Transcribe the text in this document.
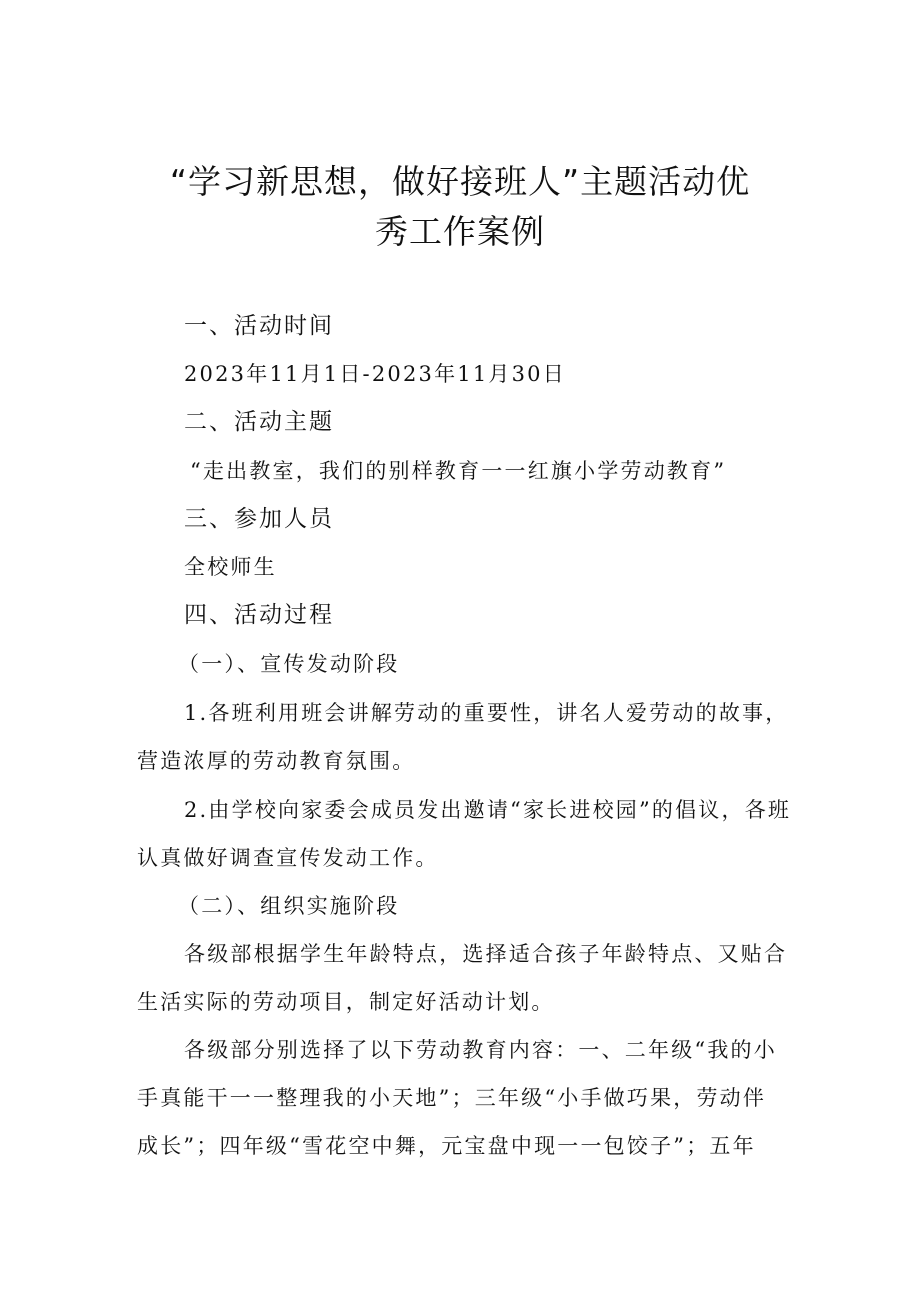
“学习新思想，做好接班人”主题活动优
秀工作案例
一、活动时间
2023年11月1日-2023年11月30日
二、活动主题
“走出教室，我们的别样教育一一红旗小学劳动教育”
三、参加人员
全校师生
四、活动过程
（一）、宣传发动阶段
1.各班利用班会讲解劳动的重要性，讲名人爱劳动的故事，
营造浓厚的劳动教育氛围。
2.由学校向家委会成员发出邀请“家长进校园”的倡议，各班
认真做好调查宣传发动工作。
（二）、组织实施阶段
各级部根据学生年龄特点，选择适合孩子年龄特点、又贴合
生活实际的劳动项目，制定好活动计划。
各级部分别选择了以下劳动教育内容：一、二年级“我的小
手真能干一一整理我的小天地”；三年级“小手做巧果，劳动伴
成长”；四年级“雪花空中舞，元宝盘中现一一包饺子”；五年
